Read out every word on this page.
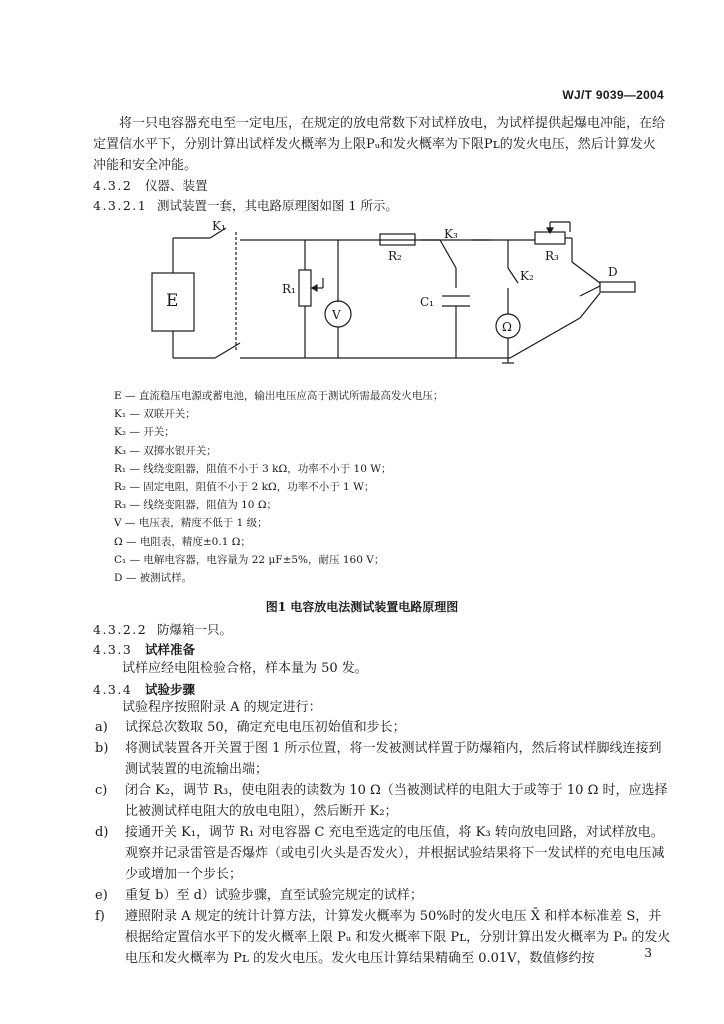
WJ/T 9039—2004
将一只电容器充电至一定电压，在规定的放电常数下对试样放电，为试样提供起爆电冲能，在给定置信水平下，分别计算出试样发火概率为上限Pᵤ和发火概率为下限Pʟ的发火电压，然后计算发火冲能和安全冲能。
4.3.2 仪器、装置
4.3.2.1 测试装置一套，其电路原理图如图 1 所示。
K₁
E
R₁
V
R₂
K₃
C₁
R₃
K₂
Ω
D
E — 直流稳压电源或蓄电池，输出电压应高于测试所需最高发火电压；
K₁ — 双联开关；
K₂ — 开关；
K₃ — 双掷水银开关；
R₁ — 线绕变阻器，阻值不小于 3 kΩ，功率不小于 10 W；
R₂ — 固定电阻，阻值不小于 2 kΩ，功率不小于 1 W；
R₃ — 线绕变阻器，阻值为 10 Ω；
V — 电压表，精度不低于 1 级；
Ω — 电阻表，精度±0.1 Ω；
C₁ — 电解电容器，电容量为 22 μF±5%，耐压 160 V；
D — 被测试样。
图1 电容放电法测试装置电路原理图
4.3.2.2 防爆箱一只。
4.3.3 试样准备
试样应经电阻检验合格，样本量为 50 发。
4.3.4 试验步骤
试验程序按照附录 A 的规定进行：
a) 试探总次数取 50，确定充电电压初始值和步长；
b) 将测试装置各开关置于图 1 所示位置，将一发被测试样置于防爆箱内，然后将试样脚线连接到测试装置的电流输出端；
c) 闭合 K₂，调节 R₃，使电阻表的读数为 10 Ω（当被测试样的电阻大于或等于 10 Ω 时，应选择比被测试样电阻大的放电电阻），然后断开 K₂；
d) 接通开关 K₁，调节 R₁ 对电容器 C 充电至选定的电压值，将 K₃ 转向放电回路，对试样放电。观察并记录雷管是否爆炸（或电引火头是否发火），并根据试验结果将下一发试样的充电电压减少或增加一个步长；
e) 重复 b）至 d）试验步骤，直至试验完规定的试样；
f) 遵照附录 A 规定的统计计算方法，计算发火概率为 50%时的发火电压 X̄ 和样本标准差 S，并根据给定置信水平下的发火概率上限 Pᵤ 和发火概率下限 Pʟ，分别计算出发火概率为 Pᵤ 的发火电压和发火概率为 Pʟ 的发火电压。发火电压计算结果精确至 0.01V，数值修约按	3
